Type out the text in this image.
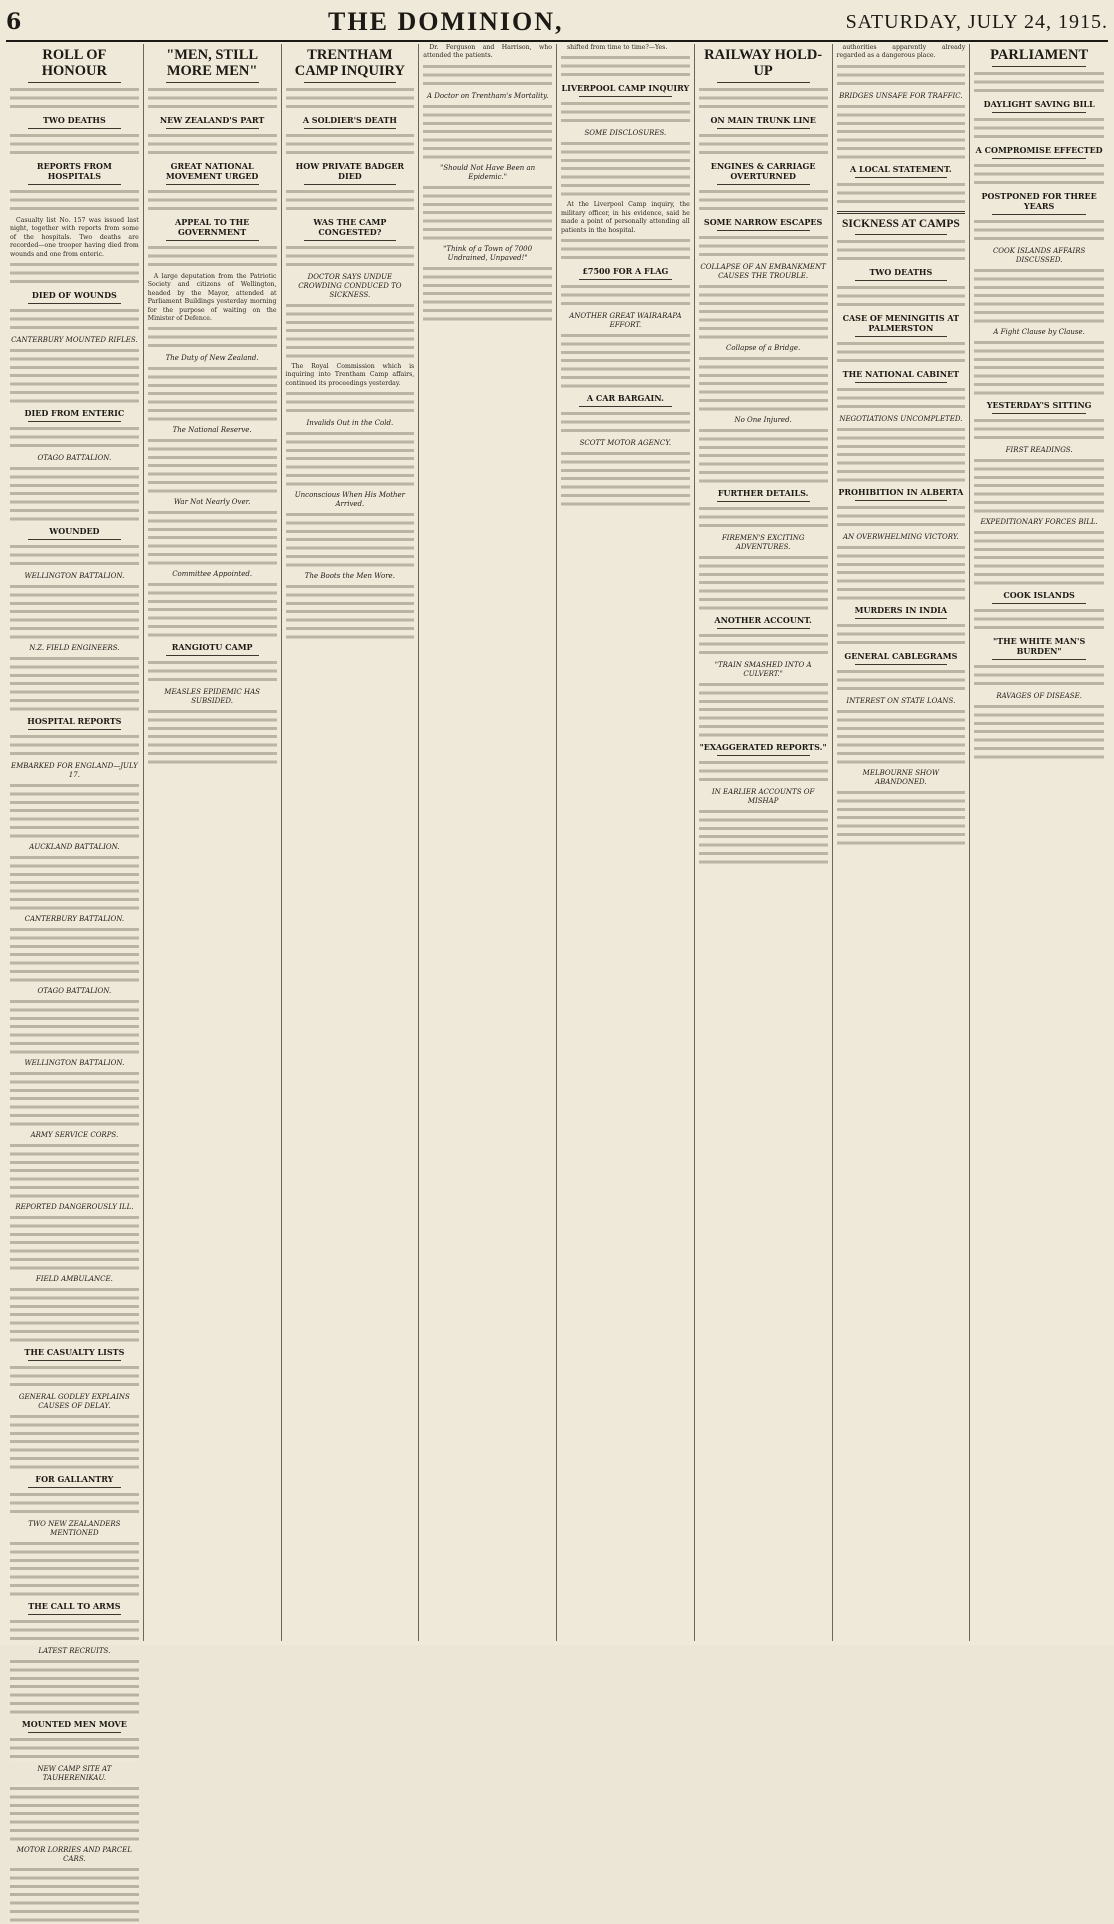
6	THE DOMINION,	SATURDAY, JULY 24, 1915.
ROLL OF HONOUR
TWO DEATHS
REPORTS FROM HOSPITALS

Casualty list No. 157 was issued last night, together with reports from some of the hospitals. Two deaths are recorded—one trooper having died from wounds and one from enteric.

DIED OF WOUNDS
CANTERBURY MOUNTED RIFLES.
DIED FROM ENTERIC
OTAGO BATTALION.
WOUNDED
WELLINGTON BATTALION.
N.Z. FIELD ENGINEERS.
HOSPITAL REPORTS
EMBARKED FOR ENGLAND—JULY 17.
AUCKLAND BATTALION.
CANTERBURY BATTALION.
OTAGO BATTALION.
WELLINGTON BATTALION.
ARMY SERVICE CORPS.
REPORTED DANGEROUSLY ILL.
FIELD AMBULANCE.
THE CASUALTY LISTS
GENERAL GODLEY EXPLAINS CAUSES OF DELAY.
FOR GALLANTRY
TWO NEW ZEALANDERS MENTIONED
THE CALL TO ARMS
LATEST RECRUITS.
MOUNTED MEN MOVE
NEW CAMP SITE AT TAUHERENIKAU.
MOTOR LORRIES AND PARCEL CARS.
"MEN, STILL MORE MEN"
NEW ZEALAND'S PART
GREAT NATIONAL MOVEMENT URGED
APPEAL TO THE GOVERNMENT

A large deputation from the Patriotic Society and citizens of Wellington, headed by the Mayor, attended at Parliament Buildings yesterday morning for the purpose of waiting on the Minister of Defence.

The Duty of New Zealand.
The National Reserve.
War Not Nearly Over.
Committee Appointed.
RANGIOTU CAMP
MEASLES EPIDEMIC HAS SUBSIDED.
TRENTHAM CAMP INQUIRY
A SOLDIER'S DEATH
HOW PRIVATE BADGER DIED
WAS THE CAMP CONGESTED?
DOCTOR SAYS UNDUE CROWDING CONDUCED TO SICKNESS.

The Royal Commission which is inquiring into Trentham Camp affairs, continued its proceedings yesterday.

Invalids Out in the Cold.
Unconscious When His Mother Arrived.
The Boots the Men Wore.

Dr. Ferguson and Harrison, who attended the patients.

A Doctor on Trentham's Mortality.
"Should Not Have Been an Epidemic."
"Think of a Town of 7000 Undrained, Unpaved!"

shifted from time to time?—Yes.

LIVERPOOL CAMP INQUIRY
SOME DISCLOSURES.

At the Liverpool Camp inquiry, the military officer, in his evidence, said he made a point of personally attending all patients in the hospital.

£7500 FOR A FLAG
ANOTHER GREAT WAIRARAPA EFFORT.
A CAR BARGAIN.
SCOTT MOTOR AGENCY.
RAILWAY HOLD-UP
ON MAIN TRUNK LINE
ENGINES & CARRIAGE OVERTURNED
SOME NARROW ESCAPES
COLLAPSE OF AN EMBANKMENT CAUSES THE TROUBLE.
Collapse of a Bridge.
No One Injured.
FURTHER DETAILS.
FIREMEN'S EXCITING ADVENTURES.
ANOTHER ACCOUNT.
"TRAIN SMASHED INTO A CULVERT."
"EXAGGERATED REPORTS."
IN EARLIER ACCOUNTS OF MISHAP

authorities apparently already regarded as a dangerous place.

BRIDGES UNSAFE FOR TRAFFIC.
A LOCAL STATEMENT.
SICKNESS AT CAMPS
TWO DEATHS
CASE OF MENINGITIS AT PALMERSTON
THE NATIONAL CABINET
NEGOTIATIONS UNCOMPLETED.
PROHIBITION IN ALBERTA
AN OVERWHELMING VICTORY.
MURDERS IN INDIA
GENERAL CABLEGRAMS
INTEREST ON STATE LOANS.
MELBOURNE SHOW ABANDONED.
PARLIAMENT
DAYLIGHT SAVING BILL
A COMPROMISE EFFECTED
POSTPONED FOR THREE YEARS
COOK ISLANDS AFFAIRS DISCUSSED.
A Fight Clause by Clause.
YESTERDAY'S SITTING
FIRST READINGS.
EXPEDITIONARY FORCES BILL.
COOK ISLANDS
"THE WHITE MAN'S BURDEN"
RAVAGES OF DISEASE.
